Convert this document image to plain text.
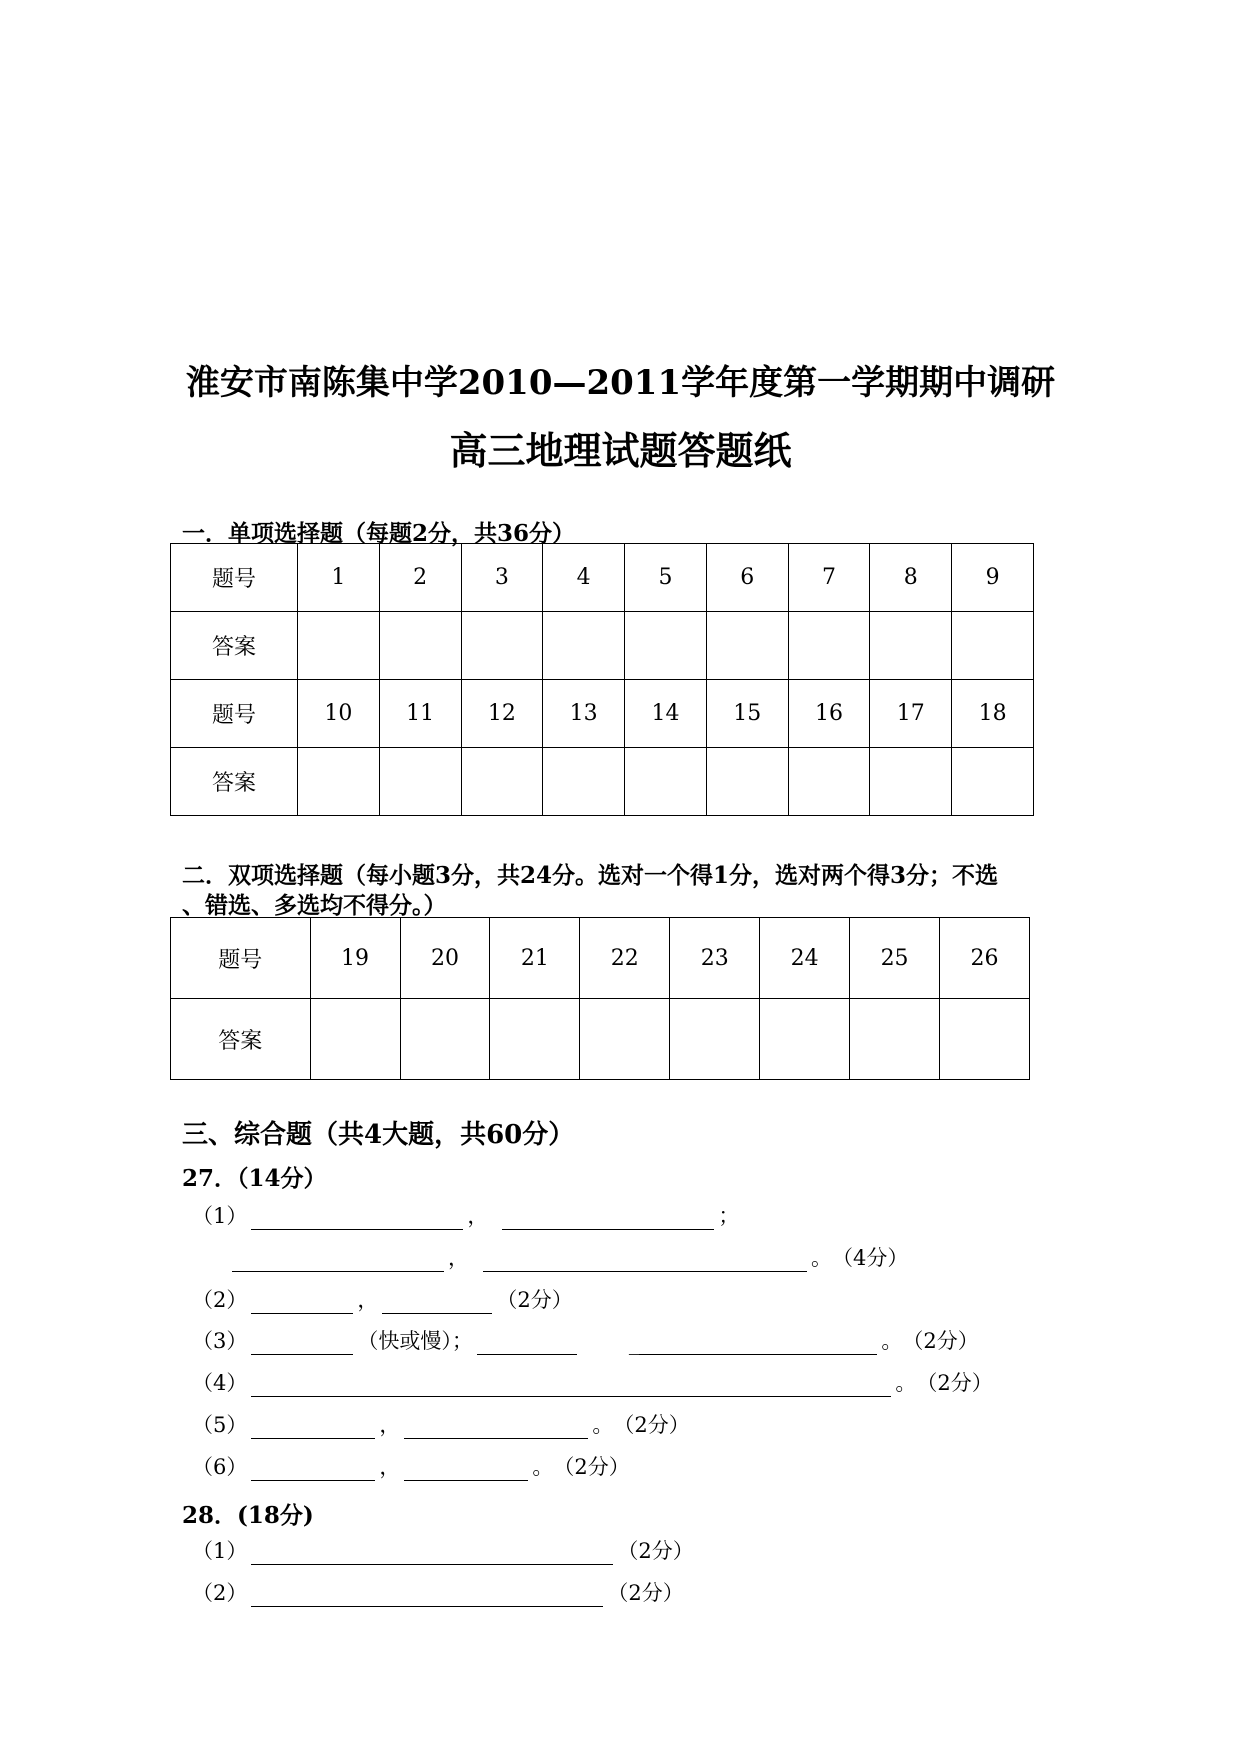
淮安市南陈集中学2010—2011学年度第一学期期中调研
高三地理试题答题纸
一．单项选择题（每题2分，共36分）
题号	1	2	3	4	5	6	7	8	9
答案									
题号	10	11	12	13	14	15	16	17	18
答案									
二．双项选择题（每小题3分，共24分。选对一个得1分，选对两个得3分；不选
、错选、多选均不得分。）
题号	19	20	21	22	23	24	25	26
答案								
三、综合题（共4大题，共60分）
27．（14分）
（1）	，	；
，	。 （4分）
（2）	，	（2分）
（3）	（快或慢）；	_	。 （2分）
（4）	。 （2分）
（5）	，	。 （2分）
（6）	，	。 （2分）
28．(18分)
（1）	（2分）
（2）	（2分）
